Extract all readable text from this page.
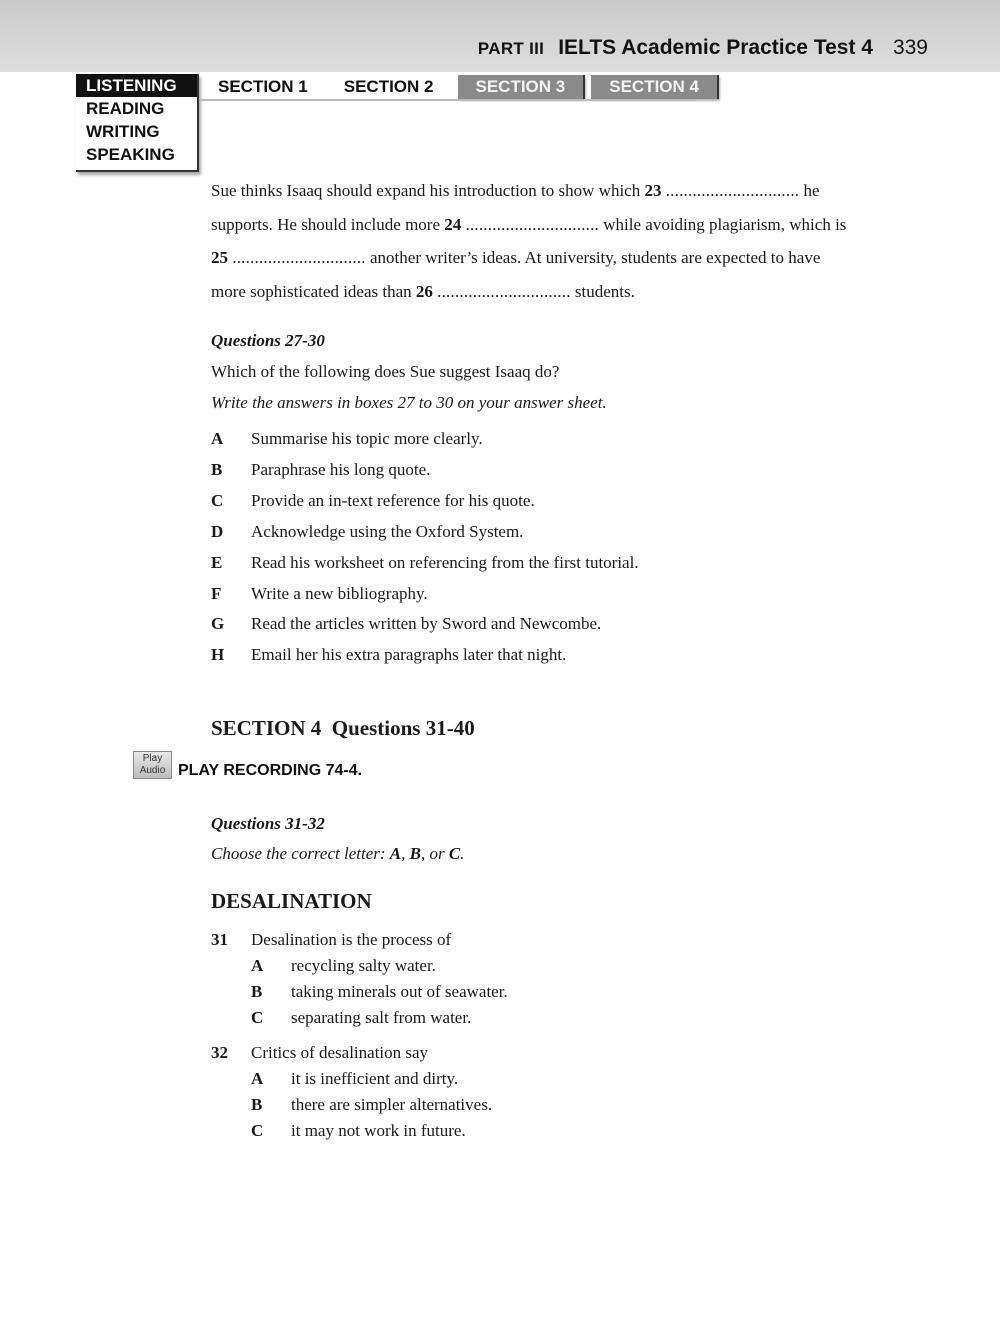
PART III IELTS Academic Practice Test 4 339
LISTENING
READING
WRITING
SPEAKING
SECTION 1	SECTION 2	SECTION 3	SECTION 4
Sue thinks Isaaq should expand his introduction to show which 23 .............................. he
supports. He should include more 24 .............................. while avoiding plagiarism, which is
25 .............................. another writer’s ideas. At university, students are expected to have
more sophisticated ideas than 26 .............................. students.
Questions 27-30
Which of the following does Sue suggest Isaaq do?
Write the answers in boxes 27 to 30 on your answer sheet.
A	Summarise his topic more clearly.
B	Paraphrase his long quote.
C	Provide an in-text reference for his quote.
D	Acknowledge using the Oxford System.
E	Read his worksheet on referencing from the first tutorial.
F	Write a new bibliography.
G	Read the articles written by Sword and Newcombe.
H	Email her his extra paragraphs later that night.
SECTION 4  Questions 31-40
Play
Audio PLAY RECORDING 74-4.
Questions 31-32
Choose the correct letter: A, B, or C.
DESALINATION
31	Desalination is the process of
A	recycling salty water.
B	taking minerals out of seawater.
C	separating salt from water.
32	Critics of desalination say
A	it is inefficient and dirty.
B	there are simpler alternatives.
C	it may not work in future.
